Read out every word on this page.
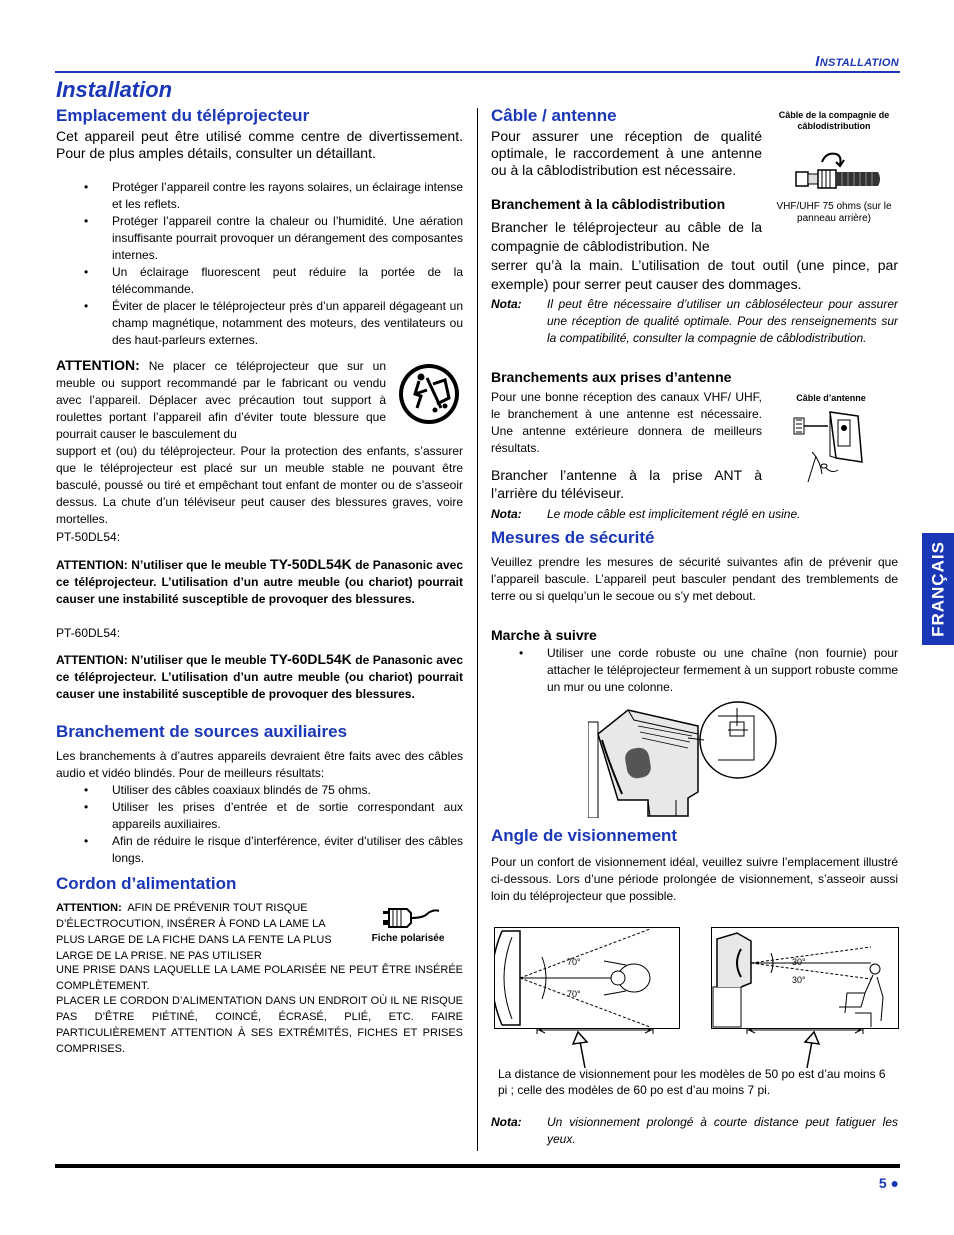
INSTALLATION
Installation
Emplacement du téléprojecteur
Cet appareil peut être utilisé comme centre de divertissement. Pour de plus amples détails, consulter un détaillant.
• Protéger l’appareil contre les rayons solaires, un éclairage intense et les reflets.
• Protéger l’appareil contre la chaleur ou l’humidité. Une aération insuffisante pourrait provoquer un dérangement des composantes internes.
• Un éclairage fluorescent peut réduire la portée de la télécommande.
• Éviter de placer le téléprojecteur près d’un appareil dégageant un champ magnétique, notamment des moteurs, des ventilateurs ou des haut-parleurs externes.
ATTENTION: Ne placer ce téléprojecteur que sur un meuble ou support recommandé par le fabricant ou vendu avec l’appareil. Déplacer avec précaution tout support à roulettes portant l’appareil afin d’éviter toute blessure que pourrait causer le basculement du
support et (ou) du téléprojecteur. Pour la protection des enfants, s’assurer que le téléprojecteur est placé sur un meuble stable ne pouvant être basculé, poussé ou tiré et empêchant tout enfant de monter ou de s’asseoir dessus. La chute d’un téléviseur peut causer des blessures graves, voire mortelles.
PT-50DL54:
ATTENTION: N’utiliser que le meuble TY-50DL54K de Panasonic avec ce téléprojecteur. L’utilisation d’un autre meuble (ou chariot) pourrait causer une instabilité susceptible de provoquer des blessures.
PT-60DL54:
ATTENTION: N’utiliser que le meuble TY-60DL54K de Panasonic avec ce téléprojecteur. L’utilisation d’un autre meuble (ou chariot) pourrait causer une instabilité susceptible de provoquer des blessures.
Branchement de sources auxiliaires
Les branchements à d’autres appareils devraient être faits avec des câbles audio et vidéo blindés. Pour de meilleurs résultats:
• Utiliser des câbles coaxiaux blindés de 75 ohms.
• Utiliser les prises d’entrée et de sortie correspondant aux appareils auxiliaires.
• Afin de réduire le risque d’interférence, éviter d’utiliser des câbles longs.
Cordon d’alimentation
ATTENTION: AFIN DE PRÉVENIR TOUT RISQUE D’ÉLECTROCUTION, INSÉRER À FOND LA LAME LA PLUS LARGE DE LA FICHE DANS LA FENTE LA PLUS LARGE DE LA PRISE. NE PAS UTILISER
Fiche polarisée
UNE PRISE DANS LAQUELLE LA LAME POLARISÉE NE PEUT ÊTRE INSÉRÉE COMPLÈTEMENT.
PLACER LE CORDON D’ALIMENTATION DANS UN ENDROIT OÙ IL NE RISQUE PAS D’ÊTRE PIÉTINÉ, COINCÉ, ÉCRASÉ, PLIÉ, ETC. FAIRE PARTICULIÈREMENT ATTENTION À SES EXTRÉMITÉS, FICHES ET PRISES COMPRISES.
Câble / antenne
Pour assurer une réception de qualité optimale, le raccordement à une antenne ou à la câblodistribution est nécessaire.
Câble de la compagnie de câblodistribution
VHF/UHF 75 ohms (sur le panneau arrière)
Branchement à la câblodistribution
Brancher le téléprojecteur au câble de la compagnie de câblodistribution. Ne
serrer qu’à la main. L’utilisation de tout outil (une pince, par exemple) pour serrer peut causer des dommages.
Nota:	Il peut être nécessaire d’utiliser un câblosélecteur pour assurer une réception de qualité optimale. Pour des renseignements sur la compatibilité, consulter la compagnie de câblodistribution.
Branchements aux prises d’antenne
Pour une bonne réception des canaux VHF/ UHF, le branchement à une antenne est nécessaire. Une antenne extérieure donnera de meilleurs résultats.
Câble d’antenne
Brancher l’antenne à la prise ANT à l’arrière du téléviseur.
Nota:	Le mode câble est implicitement réglé en usine.
Mesures de sécurité
Veuillez prendre les mesures de sécurité suivantes afin de prévenir que l’appareil bascule. L’appareil peut basculer pendant des tremblements de terre ou si quelqu’un le secoue ou s’y met debout.
Marche à suivre
• Utiliser une corde robuste ou une chaîne (non fournie) pour attacher le téléprojecteur fermement à un support robuste comme un mur ou une colonne.
Angle de visionnement
Pour un confort de visionnement idéal, veuillez suivre l’emplacement illustré ci-dessous. Lors d’une période prolongée de visionnement, s’asseoir aussi loin du téléprojecteur que possible.
70°
70°
30°
30°
La distance de visionnement pour les modèles de 50 po est d’au moins 6 pi ; celle des modèles de 60 po est d’au moins 7 pi.
Nota:	Un visionnement prolongé à courte distance peut fatiguer les yeux.
FRANÇAIS
5 ●
